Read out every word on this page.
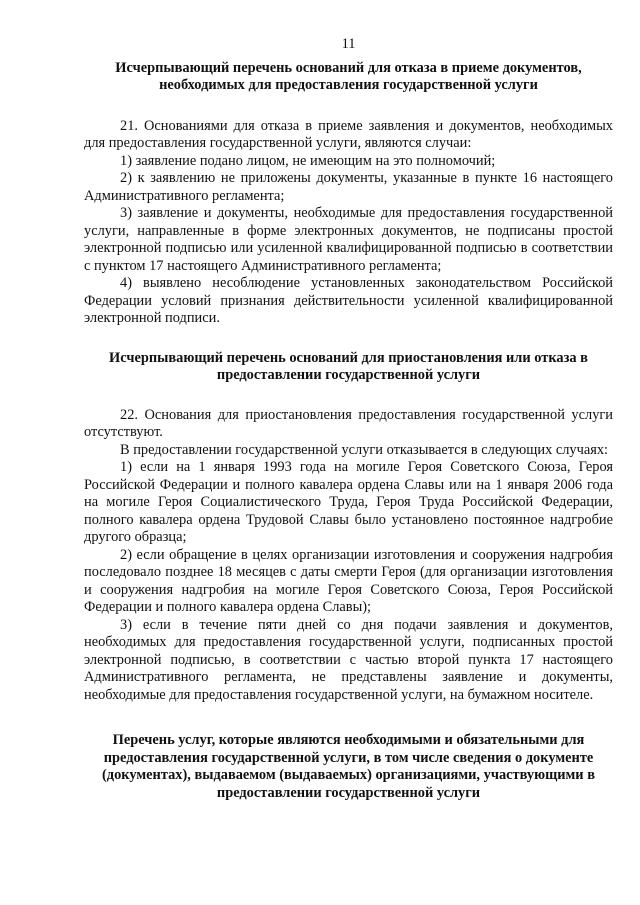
11
Исчерпывающий перечень оснований для отказа в приеме документов, необходимых для предоставления государственной услуги

21. Основаниями для отказа в приеме заявления и документов, необходимых для предоставления государственной услуги, являются случаи:

1) заявление подано лицом, не имеющим на это полномочий;

2) к заявлению не приложены документы, указанные в пункте 16 настоящего Административного регламента;

3) заявление и документы, необходимые для предоставления государственной услуги, направленные в форме электронных документов, не подписаны простой электронной подписью или усиленной квалифицированной подписью в соответствии с пунктом 17 настоящего Административного регламента;

4) выявлено несоблюдение установленных законодательством Российской Федерации условий признания действительности усиленной квалифицированной электронной подписи.

Исчерпывающий перечень оснований для приостановления или отказа в предоставлении государственной услуги

22. Основания для приостановления предоставления государственной услуги отсутствуют.

В предоставлении государственной услуги отказывается в следующих случаях:

1) если на 1 января 1993 года на могиле Героя Советского Союза, Героя Российской Федерации и полного кавалера ордена Славы или на 1 января 2006 года на могиле Героя Социалистического Труда, Героя Труда Российской Федерации, полного кавалера ордена Трудовой Славы было установлено постоянное надгробие другого образца;

2) если обращение в целях организации изготовления и сооружения надгробия последовало позднее 18 месяцев с даты смерти Героя (для организации изготовления и сооружения надгробия на могиле Героя Советского Союза, Героя Российской Федерации и полного кавалера ордена Славы);

3) если в течение пяти дней со дня подачи заявления и документов, необходимых для предоставления государственной услуги, подписанных простой электронной подписью, в соответствии с частью второй пункта 17 настоящего Административного регламента, не представлены заявление и документы, необходимые для предоставления государственной услуги, на бумажном носителе.

Перечень услуг, которые являются необходимыми и обязательными для предоставления государственной услуги, в том числе сведения о документе (документах), выдаваемом (выдаваемых) организациями, участвующими в предоставлении государственной услуги
